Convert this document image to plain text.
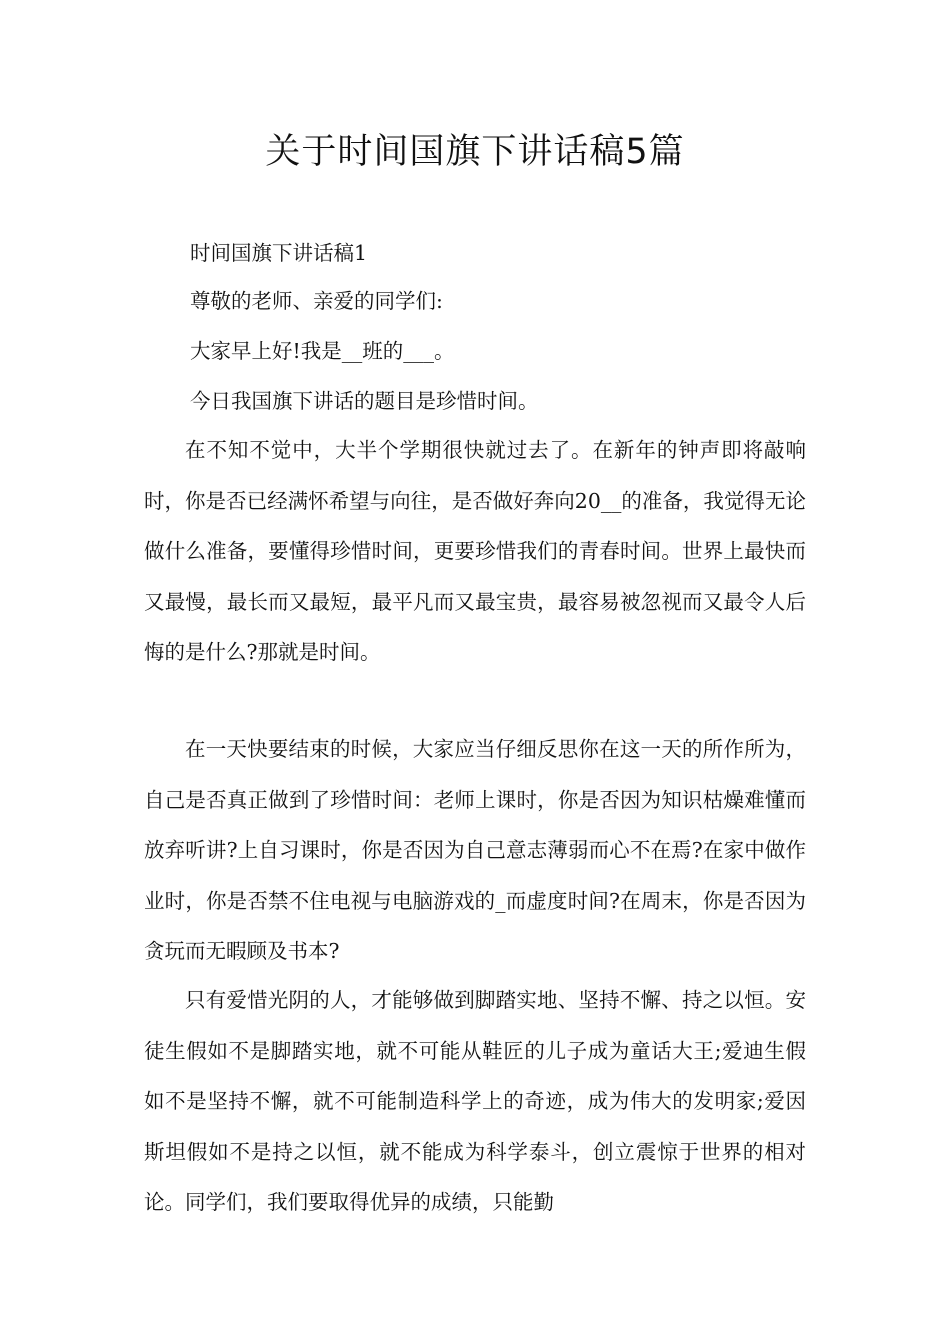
关于时间国旗下讲话稿5篇

时间国旗下讲话稿1

尊敬的老师、亲爱的同学们:

大家早上好!我是__班的___。

今日我国旗下讲话的题目是珍惜时间。

在不知不觉中，大半个学期很快就过去了。在新年的钟声即将敲响时，你是否已经满怀希望与向往，是否做好奔向20__的准备，我觉得无论做什么准备，要懂得珍惜时间，更要珍惜我们的青春时间。世界上最快而又最慢，最长而又最短，最平凡而又最宝贵，最容易被忽视而又最令人后悔的是什么?那就是时间。

在一天快要结束的时候，大家应当仔细反思你在这一天的所作所为，自己是否真正做到了珍惜时间：老师上课时，你是否因为知识枯燥难懂而放弃听讲?上自习课时，你是否因为自己意志薄弱而心不在焉?在家中做作业时，你是否禁不住电视与电脑游戏的_而虚度时间?在周末，你是否因为贪玩而无暇顾及书本?

只有爱惜光阴的人，才能够做到脚踏实地、坚持不懈、持之以恒。安徒生假如不是脚踏实地，就不可能从鞋匠的儿子成为童话大王;爱迪生假如不是坚持不懈，就不可能制造科学上的奇迹，成为伟大的发明家;爱因斯坦假如不是持之以恒，就不能成为科学泰斗，创立震惊于世界的相对论。同学们，我们要取得优异的成绩，只能勤
